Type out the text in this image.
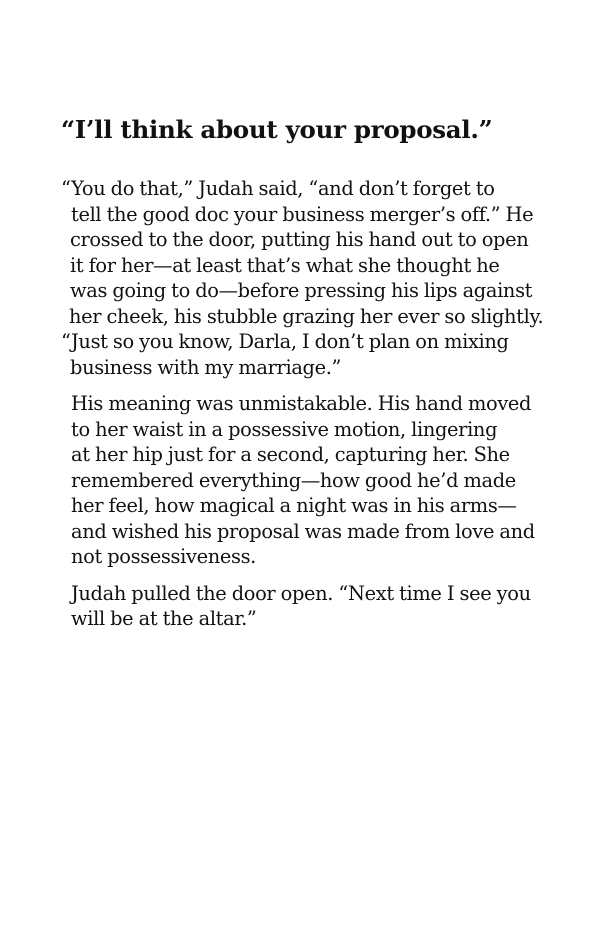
“I’ll think about your proposal.”
“You do that,” Judah said, “and don’t forget to
tell the good doc your business merger’s off.” He
crossed to the door, putting his hand out to open
it for her—at least that’s what she thought he
was going to do—before pressing his lips against
her cheek, his stubble grazing her ever so slightly.
“Just so you know, Darla, I don’t plan on mixing
business with my marriage.”
His meaning was unmistakable. His hand moved
to her waist in a possessive motion, lingering
at her hip just for a second, capturing her. She
remembered everything—how good he’d made
her feel, how magical a night was in his arms—
and wished his proposal was made from love and
not possessiveness.
Judah pulled the door open. “Next time I see you
will be at the altar.”
